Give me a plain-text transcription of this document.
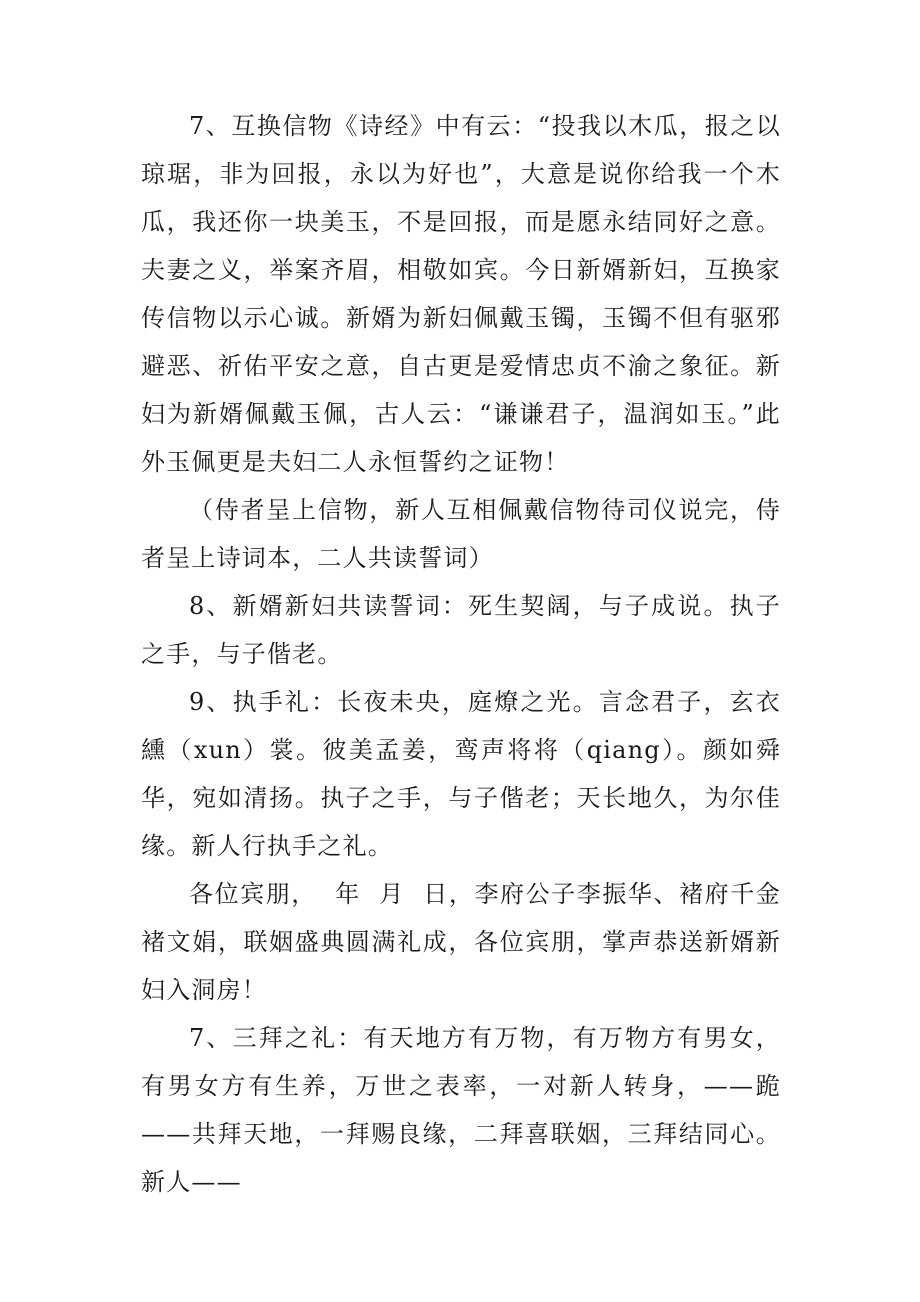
7、互换信物《诗经》中有云：“投我以木瓜，报之以琼琚，非为回报，永以为好也”，大意是说你给我一个木瓜，我还你一块美玉，不是回报，而是愿永结同好之意。夫妻之义，举案齐眉，相敬如宾。今日新婿新妇，互换家传信物以示心诚。新婿为新妇佩戴玉镯，玉镯不但有驱邪避恶、祈佑平安之意，自古更是爱情忠贞不渝之象征。新妇为新婿佩戴玉佩，古人云：“谦谦君子，温润如玉。”此外玉佩更是夫妇二人永恒誓约之证物！

（侍者呈上信物，新人互相佩戴信物待司仪说完，侍者呈上诗词本，二人共读誓词）

8、新婿新妇共读誓词：死生契阔，与子成说。执子之手，与子偕老。

9、执手礼：长夜未央，庭燎之光。言念君子，玄衣纁（xun）裳。彼美孟姜，鸾声将将（qiang）。颜如舜华，宛如清扬。执子之手，与子偕老；天长地久，为尔佳缘。新人行执手之礼。

各位宾朋，  年  月  日，李府公子李振华、褚府千金褚文娟，联姻盛典圆满礼成，各位宾朋，掌声恭送新婿新妇入洞房！

7、三拜之礼：有天地方有万物，有万物方有男女，有男女方有生养，万世之表率，一对新人转身，——跪——共拜天地，一拜赐良缘，二拜喜联姻，三拜结同心。新人——
